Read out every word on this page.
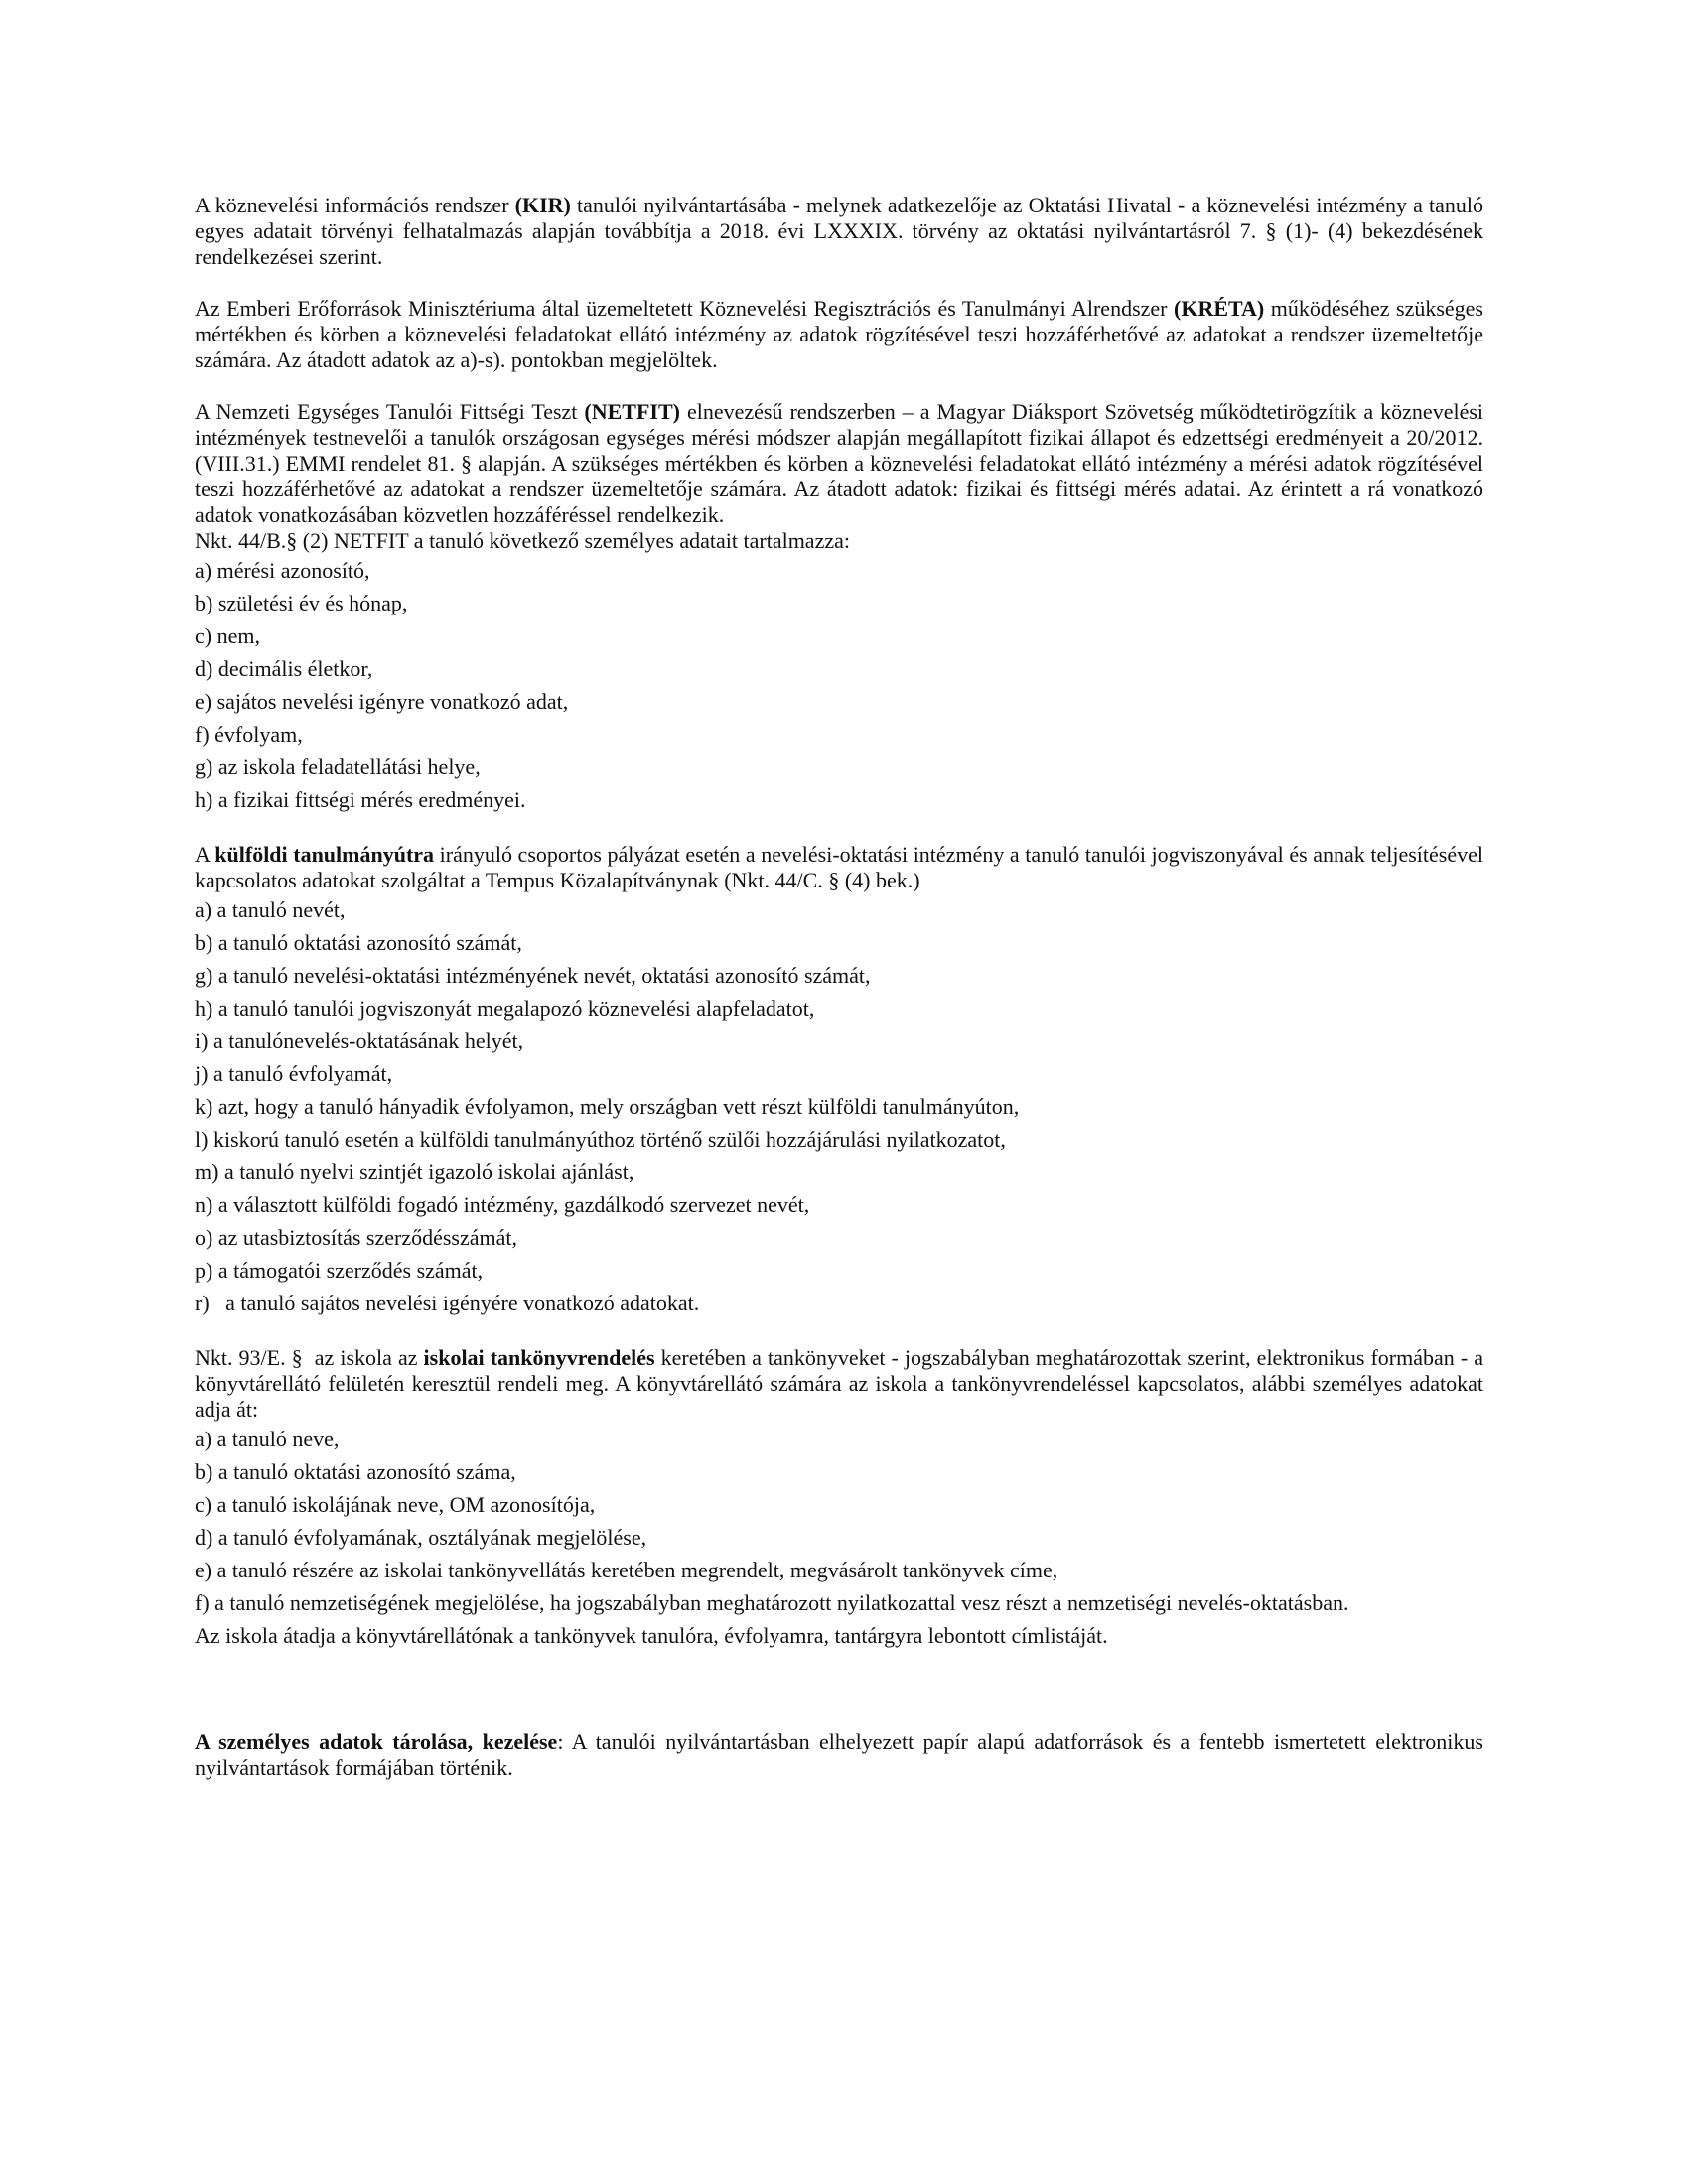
A köznevelési információs rendszer (KIR) tanulói nyilvántartásába - melynek adatkezelője az Oktatási Hivatal - a köznevelési intézmény a tanuló egyes adatait törvényi felhatalmazás alapján továbbítja a 2018. évi LXXXIX. törvény az oktatási nyilvántartásról 7. § (1)- (4) bekezdésének rendelkezései szerint.

Az Emberi Erőforrások Minisztériuma által üzemeltetett Köznevelési Regisztrációs és Tanulmányi Alrendszer (KRÉTA) működéséhez szükséges mértékben és körben a köznevelési feladatokat ellátó intézmény az adatok rögzítésével teszi hozzáférhetővé az adatokat a rendszer üzemeltetője számára. Az átadott adatok az a)-s). pontokban megjelöltek.

A Nemzeti Egységes Tanulói Fittségi Teszt (NETFIT) elnevezésű rendszerben – a Magyar Diáksport Szövetség működtetirögzítik a köznevelési intézmények testnevelői a tanulók országosan egységes mérési módszer alapján megállapított fizikai állapot és edzettségi eredményeit a 20/2012. (VIII.31.) EMMI rendelet 81. § alapján. A szükséges mértékben és körben a köznevelési feladatokat ellátó intézmény a mérési adatok rögzítésével teszi hozzáférhetővé az adatokat a rendszer üzemeltetője számára. Az átadott adatok: fizikai és fittségi mérés adatai. Az érintett a rá vonatkozó adatok vonatkozásában közvetlen hozzáféréssel rendelkezik.

Nkt. 44/B.§ (2) NETFIT a tanuló következő személyes adatait tartalmazza:

a) mérési azonosító,
b) születési év és hónap,
c) nem,
d) decimális életkor,
e) sajátos nevelési igényre vonatkozó adat,
f) évfolyam,
g) az iskola feladatellátási helye,
h) a fizikai fittségi mérés eredményei.

A külföldi tanulmányútra irányuló csoportos pályázat esetén a nevelési-oktatási intézmény a tanuló tanulói jogviszonyával és annak teljesítésével kapcsolatos adatokat szolgáltat a Tempus Közalapítványnak (Nkt. 44/C. § (4) bek.)

a) a tanuló nevét,
b) a tanuló oktatási azonosító számát,
g) a tanuló nevelési-oktatási intézményének nevét, oktatási azonosító számát,
h) a tanuló tanulói jogviszonyát megalapozó köznevelési alapfeladatot,
i) a tanulónevelés-oktatásának helyét,
j) a tanuló évfolyamát,
k) azt, hogy a tanuló hányadik évfolyamon, mely országban vett részt külföldi tanulmányúton,
l) kiskorú tanuló esetén a külföldi tanulmányúthoz történő szülői hozzájárulási nyilatkozatot,
m) a tanuló nyelvi szintjét igazoló iskolai ajánlást,
n) a választott külföldi fogadó intézmény, gazdálkodó szervezet nevét,
o) az utasbiztosítás szerződésszámát,
p) a támogatói szerződés számát,
r)   a tanuló sajátos nevelési igényére vonatkozó adatokat.

Nkt. 93/E. §  az iskola az iskolai tankönyvrendelés keretében a tankönyveket - jogszabályban meghatározottak szerint, elektronikus formában - a könyvtárellátó felületén keresztül rendeli meg. A könyvtárellátó számára az iskola a tankönyvrendeléssel kapcsolatos, alábbi személyes adatokat adja át:

a) a tanuló neve,
b) a tanuló oktatási azonosító száma,
c) a tanuló iskolájának neve, OM azonosítója,
d) a tanuló évfolyamának, osztályának megjelölése,
e) a tanuló részére az iskolai tankönyvellátás keretében megrendelt, megvásárolt tankönyvek címe,
f) a tanuló nemzetiségének megjelölése, ha jogszabályban meghatározott nyilatkozattal vesz részt a nemzetiségi nevelés-oktatásban.

Az iskola átadja a könyvtárellátónak a tankönyvek tanulóra, évfolyamra, tantárgyra lebontott címlistáját.

A személyes adatok tárolása, kezelése: A tanulói nyilvántartásban elhelyezett papír alapú adatforrások és a fentebb ismertetett elektronikus nyilvántartások formájában történik.
